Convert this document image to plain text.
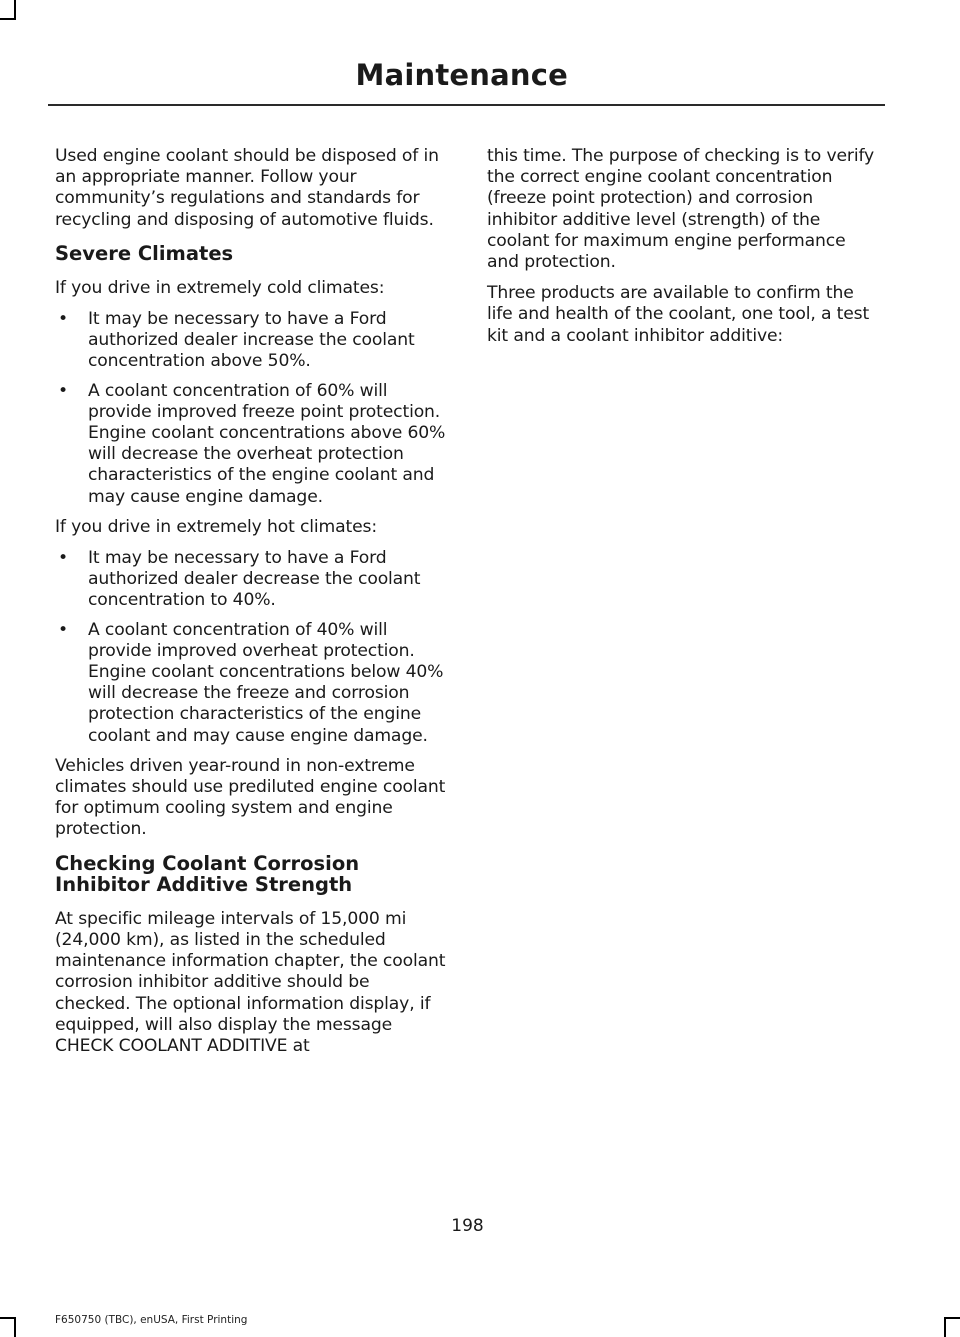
Maintenance

Used engine coolant should be disposed of in an appropriate manner. Follow your community’s regulations and standards for recycling and disposing of automotive fluids.

Severe Climates

If you drive in extremely cold climates:

• It may be necessary to have a Ford authorized dealer increase the coolant concentration above 50%.
• A coolant concentration of 60% will provide improved freeze point protection. Engine coolant concentrations above 60% will decrease the overheat protection characteristics of the engine coolant and may cause engine damage.

If you drive in extremely hot climates:

• It may be necessary to have a Ford authorized dealer decrease the coolant concentration to 40%.
• A coolant concentration of 40% will provide improved overheat protection. Engine coolant concentrations below 40% will decrease the freeze and corrosion protection characteristics of the engine coolant and may cause engine damage.

Vehicles driven year-round in non-extreme climates should use prediluted engine coolant for optimum cooling system and engine protection.

Checking Coolant Corrosion Inhibitor Additive Strength

At specific mileage intervals of 15,000 mi (24,000 km), as listed in the scheduled maintenance information chapter, the coolant corrosion inhibitor additive should be checked. The optional information display, if equipped, will also display the message CHECK COOLANT ADDITIVE at

this time. The purpose of checking is to verify the correct engine coolant concentration (freeze point protection) and corrosion inhibitor additive level (strength) of the coolant for maximum engine performance and protection.

Three products are available to confirm the life and health of the coolant, one tool, a test kit and a coolant inhibitor additive:

198

F650750 (TBC), enUSA, First Printing
